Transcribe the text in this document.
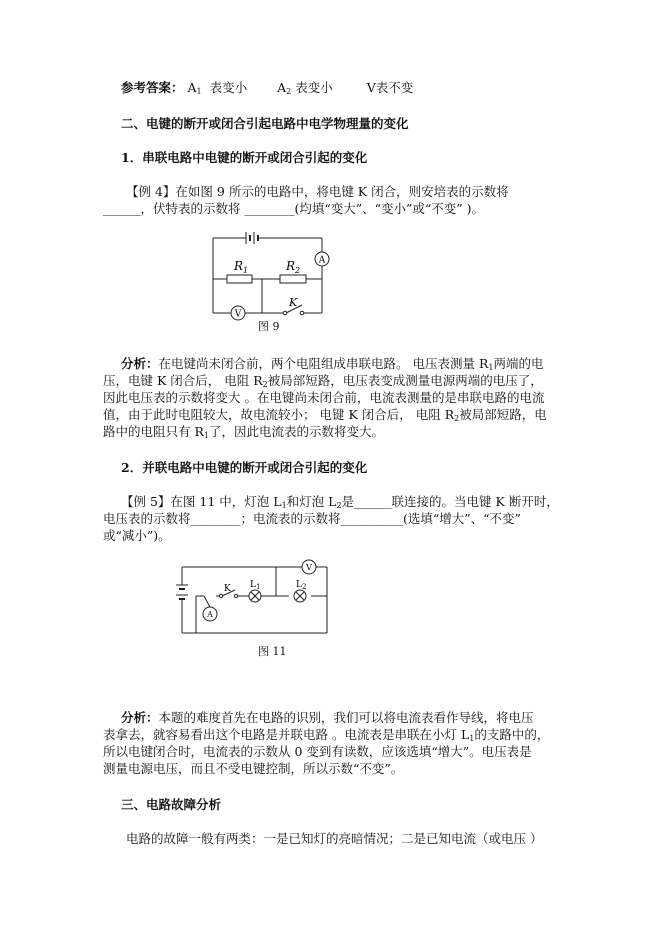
参考答案： $A_1$ 表变小 $A_2$ 表变小	V表不变
二、电键的断开或闭合引起电路中电学物理量的变化
1．串联电路中电键的断开或闭合引起的变化
【例 4】在如图 9 所示的电路中，将电键 K 闭合，则安培表的示数将
______，伏特表的示数将 ________(均填“变大”、“变小”或“不变” )。
A
V
$R_1$	$R_2$
K
图 9
分析：在电键尚未闭合前，两个电阻组成串联电路。 电压表测量 $R_1$两端的电
压，电键 K 闭合后， 电阻 $R_2$被局部短路，电压表变成测量电源两端的电压了，
因此电压表的示数将变大 。在电键尚未闭合前，电流表测量的是串联电路的电流
值，由于此时电阻较大，故电流较小； 电键 K 闭合后， 电阻 $R_2$被局部短路，电
路中的电阻只有 $R_1$了，因此电流表的示数将变大。
2．并联电路中电键的断开或闭合引起的变化
【例 5】在图 11 中，灯泡 $L_1$和灯泡 $L_2$是______联连接的。当电键 K 断开时，
电压表的示数将________；电流表的示数将__________(选填“增大”、“不变”
或“减小”)。
A
V
K $L_1$	$L_2$
图 11
分析：本题的难度首先在电路的识别，我们可以将电流表看作导线，将电压
表拿去，就容易看出这个电路是并联电路 。电流表是串联在小灯 $L_1$的支路中的，
所以电键闭合时，电流表的示数从 0 变到有读数，应该选填“增大”。电压表是
测量电源电压，而且不受电键控制，所以示数“不变”。
三、电路故障分析
电路的故障一般有两类：一是已知灯的亮暗情况；二是已知电流（或电压 ）
